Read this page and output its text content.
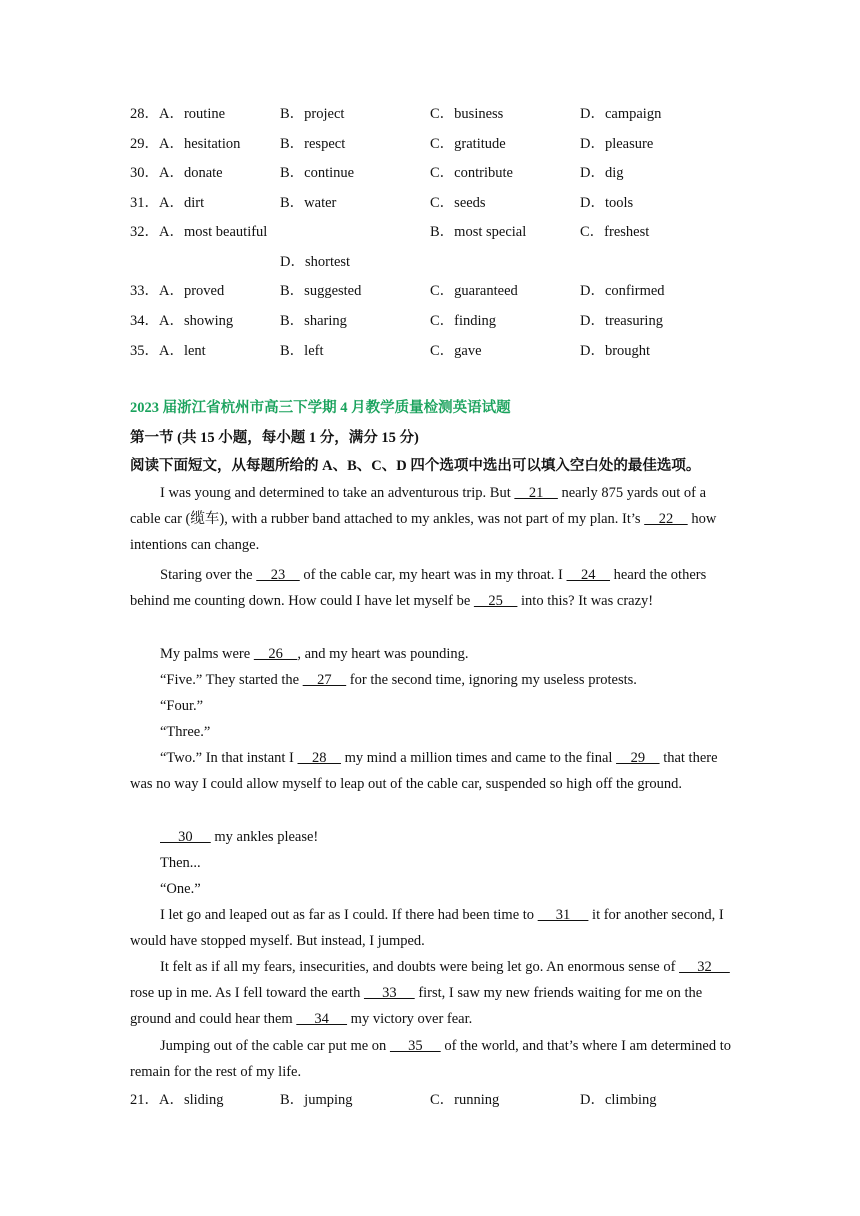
28．A．routine	B．project	C．business	D．campaign
29．A．hesitation	B．respect	C．gratitude	D．pleasure
30．A．donate	B．continue	C．contribute	D．dig
31．A．dirt	B．water	C．seeds	D．tools
32．A．most beautiful	B．most special	C．freshest
D．shortest
33．A．proved	B．suggested	C．guaranteed	D．confirmed
34．A．showing	B．sharing	C．finding	D．treasuring
35．A．lent	B．left	C．gave	D．brought
2023 届浙江省杭州市高三下学期 4 月教学质量检测英语试题
第一节 (共 15 小题，每小题 1 分，满分 15 分)
阅读下面短文，从每题所给的 A、B、C、D 四个选项中选出可以填入空白处的最佳选项。
I was young and determined to take an adventurous trip. But     21     nearly 875 yards out of a cable car (缆车), with a rubber band attached to my ankles, was not part of my plan. It’s     22     how intentions can change.
Staring over the     23     of the cable car, my heart was in my throat. I     24     heard the others behind me counting down. How could I have let myself be     25     into this? It was crazy!
My palms were     26    , and my heart was pounding.
“Five.” They started the     27     for the second time, ignoring my useless protests.
“Four.”
“Three.”
“Two.” In that instant I     28     my mind a million times and came to the final     29     that there was no way I could allow myself to leap out of the cable car, suspended so high off the ground.
30      my ankles please!
Then...
“One.”
I let go and leaped out as far as I could. If there had been time to      31      it for another second, I would have stopped myself. But instead, I jumped.
It felt as if all my fears, insecurities, and doubts were being let go. An enormous sense of      32      rose up in me. As I fell toward the earth      33      first, I saw my new friends waiting for me on the ground and could hear them      34      my victory over fear.
Jumping out of the cable car put me on      35      of the world, and that’s where I am determined to remain for the rest of my life.
21．A．sliding	B．jumping	C．running	D．climbing
